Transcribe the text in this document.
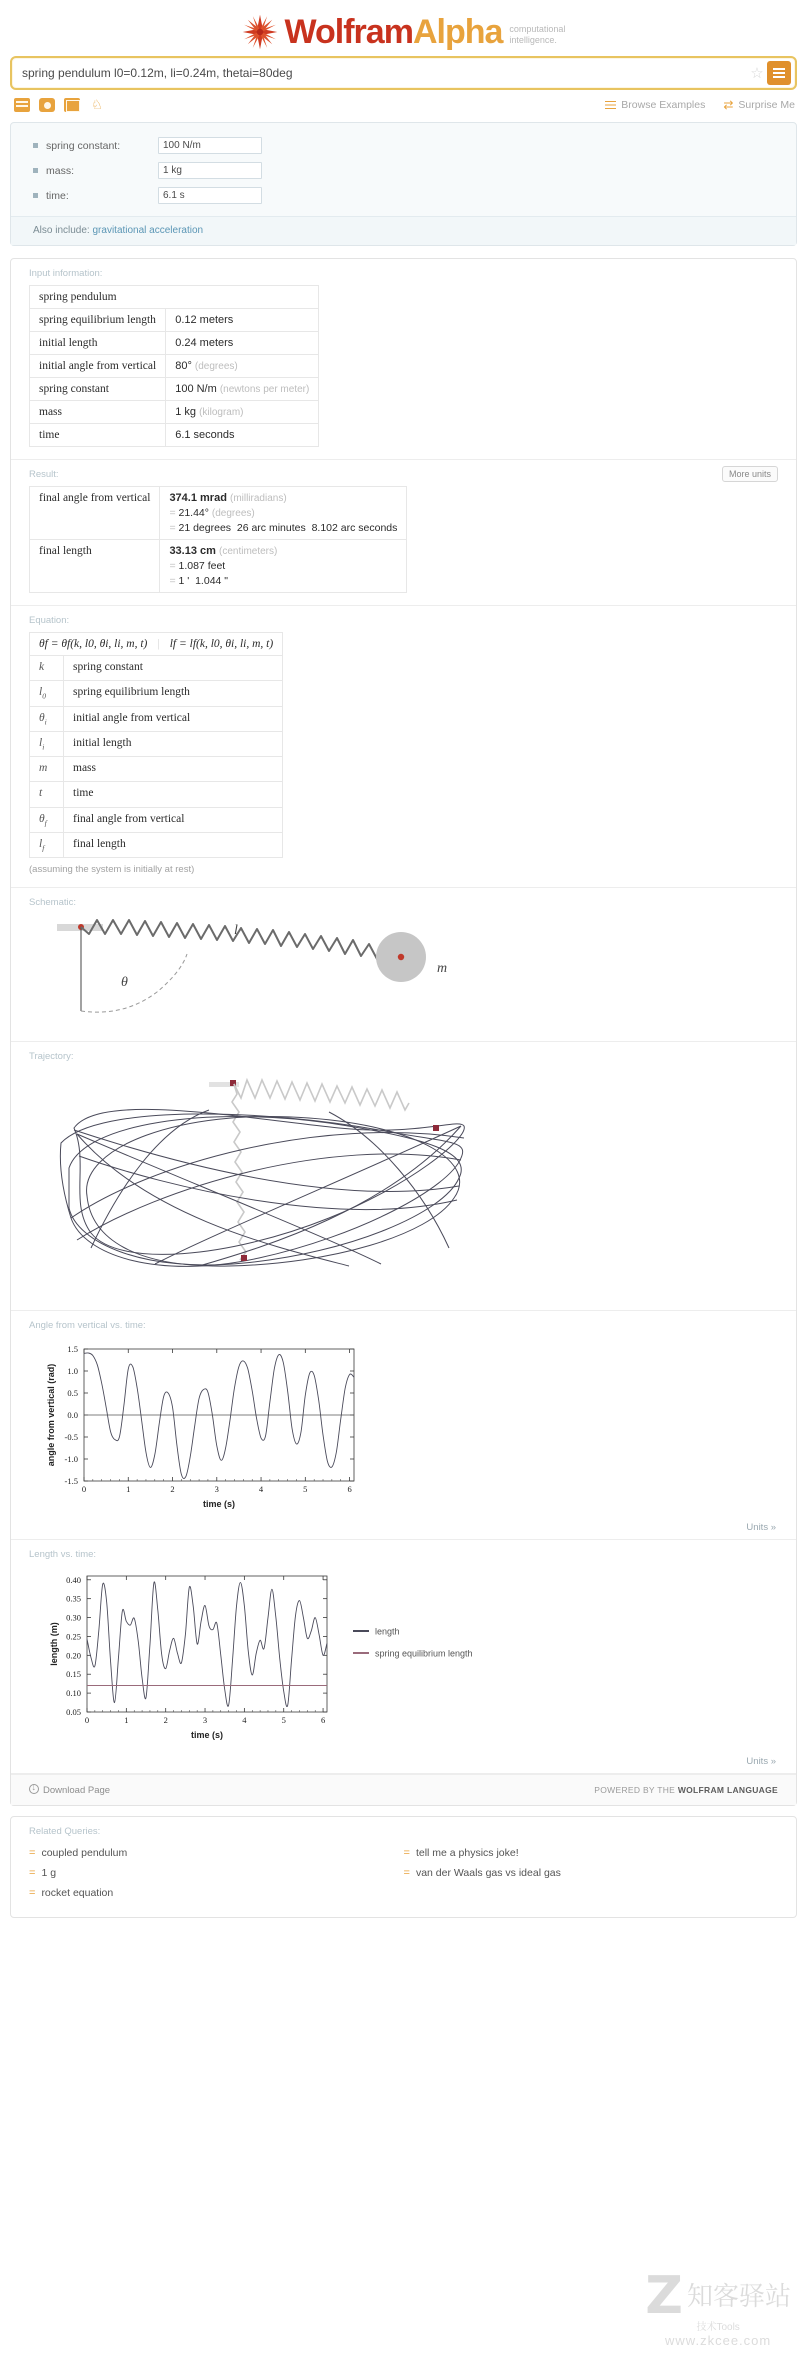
WolframAlpha computational
intelligence.
spring pendulum l0=0.12m, li=0.24m, thetai=80deg	☆
♘	Browse Examples ⇄ Surprise Me
spring constant:	100 N/m
mass:	1 kg
time:	6.1 s
Also include: gravitational acceleration
Input information:
spring pendulum	
spring equilibrium length	0.12 meters
initial length	0.24 meters
initial angle from vertical	80° (degrees)
spring constant	100 N/m (newtons per meter)
mass	1 kg (kilogram)
time	6.1 seconds
Result:	More units
final angle from vertical	374.1 mrad (milliradians)
= 21.44° (degrees)
= 21 degrees  26 arc minutes  8.102 arc seconds

final length	33.13 cm (centimeters)
= 1.087 feet
= 1 '  1.044 "
Equation:
θf = θf(k, l0, θi, li, m, t) | lf = lf(k, l0, θi, li, m, t)	
k	spring constant
$l_0$	spring equilibrium length
$\theta_i$	initial angle from vertical
$l_i$	initial length
m	mass
t	time
$\theta_f$	final angle from vertical
$l_f$	final length
(assuming the system is initially at rest)
Schematic:
l
θ
m
Trajectory:
Angle from vertical vs. time:
0	1	2	3	4	5	6
-1.5
-1.0
-0.5
0.0
0.5
1.0
1.5
time (s)
angle from vertical (rad)
Units »
Length vs. time:
0	1	2	3	4	5	6
0.05
0.10
0.15
0.20
0.25
0.30
0.35
0.40
time (s)
length (m)	length
spring equilibrium length
Units »
↓Download Page	POWERED BY THE WOLFRAM LANGUAGE
Related Queries:
= coupled pendulum
= 1 g
= rocket equation
= tell me a physics joke!
= van der Waals gas vs ideal gas
Z 知客驿站
技术Tools
www.zkcee.com
